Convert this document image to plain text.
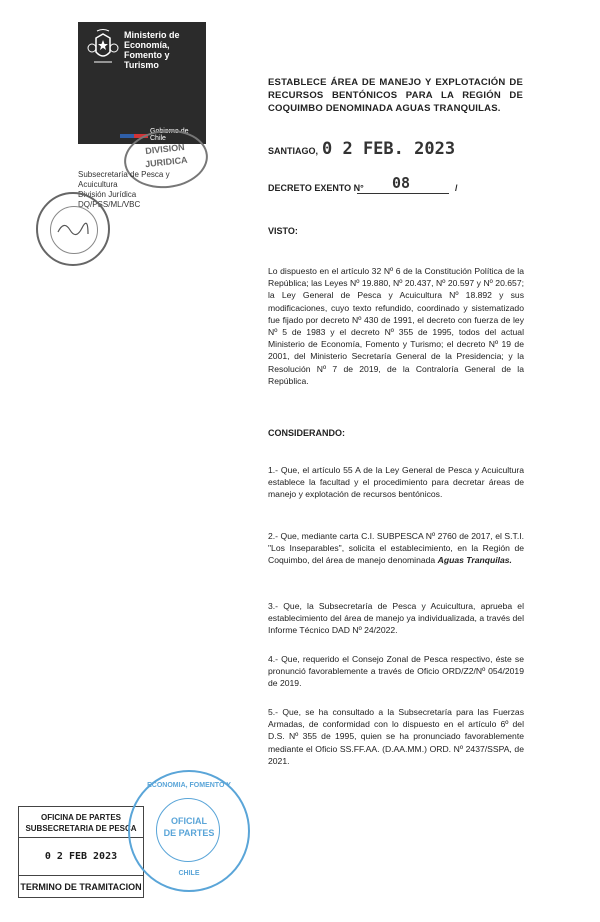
Ministerio de
Economía,
Fomento y
Turismo
Gobierno de Chile
DIVISION
JURIDICA
Subsecretaría de Pesca y
Acuicultura
División Jurídica
DQ/PSS/ML/VBC
ESTABLECE ÁREA DE MANEJO Y EXPLOTACIÓN DE RECURSOS BENTÓNICOS PARA LA REGIÓN DE COQUIMBO DENOMINADA AGUAS TRANQUILAS.
SANTIAGO, 0 2 FEB. 2023
DECRETO EXENTO N° 08	/
VISTO:
Lo dispuesto en el artículo 32 Nº 6 de la Constitución Política de la República; las Leyes Nº 19.880, Nº 20.437, Nº 20.597 y Nº 20.657; la Ley General de Pesca y Acuicultura Nº 18.892 y sus modificaciones, cuyo texto refundido, coordinado y sistematizado fue fijado por decreto Nº 430 de 1991, el decreto con fuerza de ley Nº 5 de 1983 y el decreto Nº 355 de 1995, todos del actual Ministerio de Economía, Fomento y Turismo; el decreto Nº 19 de 2001, del Ministerio Secretaría General de la Presidencia; y la Resolución Nº 7 de 2019, de la Contraloría General de la República.
CONSIDERANDO:
1.- Que, el artículo 55 A de la Ley General de Pesca y Acuicultura establece la facultad y el procedimiento para decretar áreas de manejo y explotación de recursos bentónicos.
2.- Que, mediante carta C.I. SUBPESCA Nº 2760 de 2017, el S.T.I. "Los Inseparables", solicita el establecimiento, en la Región de Coquimbo, del área de manejo denominada Aguas Tranquilas.
3.- Que, la Subsecretaría de Pesca y Acuicultura, aprueba el establecimiento del área de manejo ya individualizada, a través del Informe Técnico DAD Nº 24/2022.
4.- Que, requerido el Consejo Zonal de Pesca respectivo, éste se pronunció favorablemente a través de Oficio ORD/Z2/Nº 054/2019 de 2019.
5.- Que, se ha consultado a la Subsecretaría para las Fuerzas Armadas, de conformidad con lo dispuesto en el artículo 6º del D.S. Nº 355 de 1995, quien se ha pronunciado favorablemente mediante el Oficio SS.FF.AA. (D.AA.MM.) ORD. Nº 2437/SSPA, de 2021.
OFICINA DE PARTES
SUBSECRETARIA DE PESCA
0 2 FEB 2023
TERMINO DE TRAMITACION
ECONOMIA, FOMENTO Y
OFICIAL
DE PARTES
CHILE
